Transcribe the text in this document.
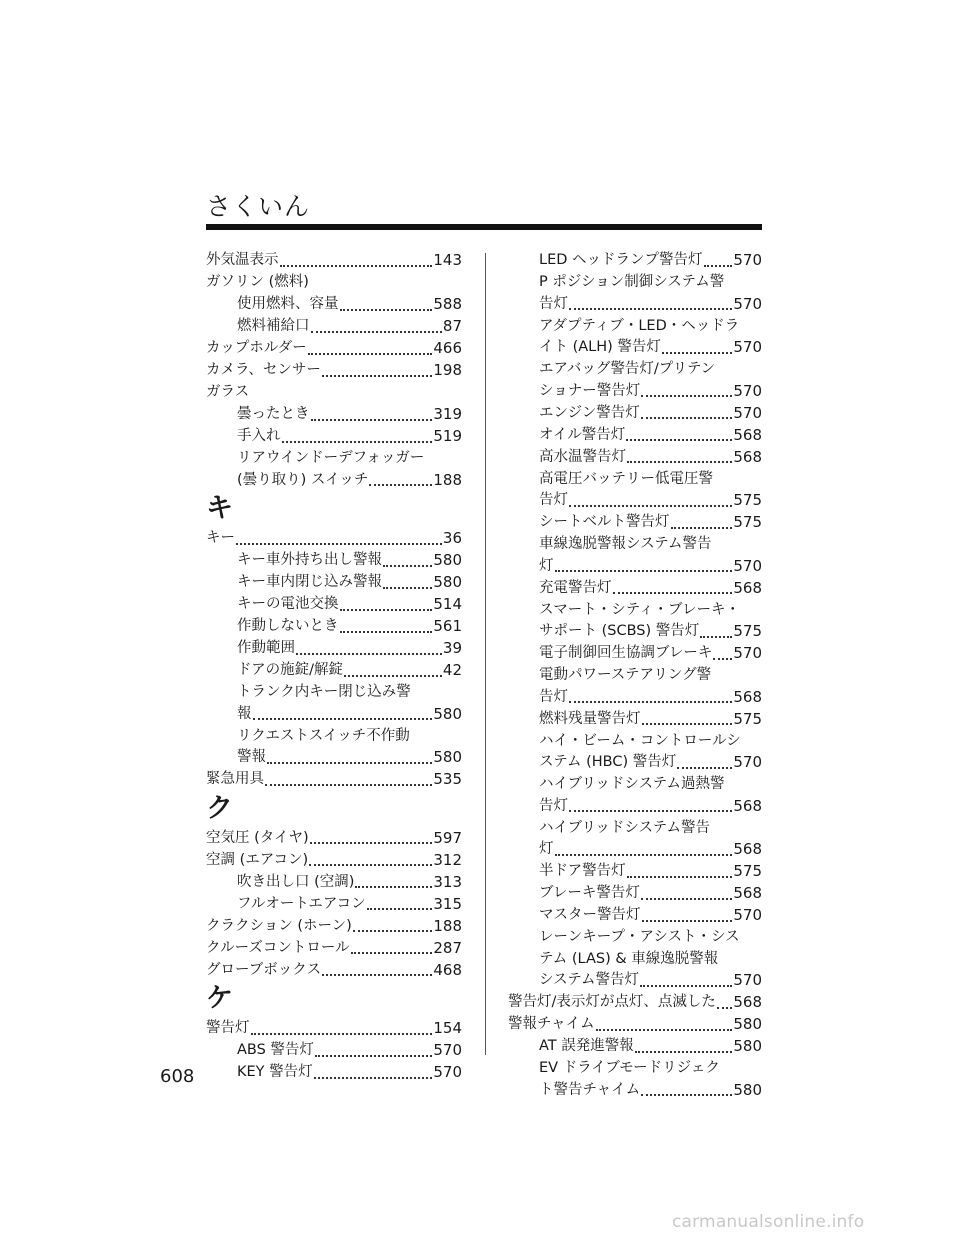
さくいん
外気温表示	143
ガソリン (燃料)
使用燃料、容量	588
燃料補給口	87
カップホルダー	466
カメラ、センサー	198
ガラス
曇ったとき	319
手入れ	519
リアウインドーデフォッガー
(曇り取り) スイッチ	188
キ
キー	36
キー車外持ち出し警報	580
キー車内閉じ込み警報	580
キーの電池交換	514
作動しないとき	561
作動範囲	39
ドアの施錠/解錠	42
トランク内キー閉じ込み警
報	580
リクエストスイッチ不作動
警報	580
緊急用具	535
ク
空気圧 (タイヤ)	597
空調 (エアコン)	312
吹き出し口 (空調)	313
フルオートエアコン	315
クラクション (ホーン)	188
クルーズコントロール	287
グローブボックス	468
ケ
警告灯	154
ABS 警告灯	570
KEY 警告灯	570
LED ヘッドランプ警告灯 570
P ポジション制御システム警
告灯	570
アダプティブ・LED・ヘッドラ
イト (ALH) 警告灯	570
エアバッグ警告灯/プリテン
ショナー警告灯	570
エンジン警告灯	570
オイル警告灯	568
高水温警告灯	568
高電圧バッテリー低電圧警
告灯	575
シートベルト警告灯	575
車線逸脱警報システム警告
灯	570
充電警告灯	568
スマート・シティ・ブレーキ・
サポート (SCBS) 警告灯 575
電子制御回生協調ブレーキ 570
電動パワーステアリング警
告灯	568
燃料残量警告灯	575
ハイ・ビーム・コントロールシ
ステム (HBC) 警告灯	570
ハイブリッドシステム過熱警
告灯	568
ハイブリッドシステム警告
灯	568
半ドア警告灯	575
ブレーキ警告灯	568
マスター警告灯	570
レーンキープ・アシスト・シス
テム (LAS) & 車線逸脱警報
システム警告灯	570
警告灯/表示灯が点灯、点滅した 568
警報チャイム	580
AT 誤発進警報	580
EV ドライブモードリジェク
ト警告チャイム	580
608
carmanualsonline.info
